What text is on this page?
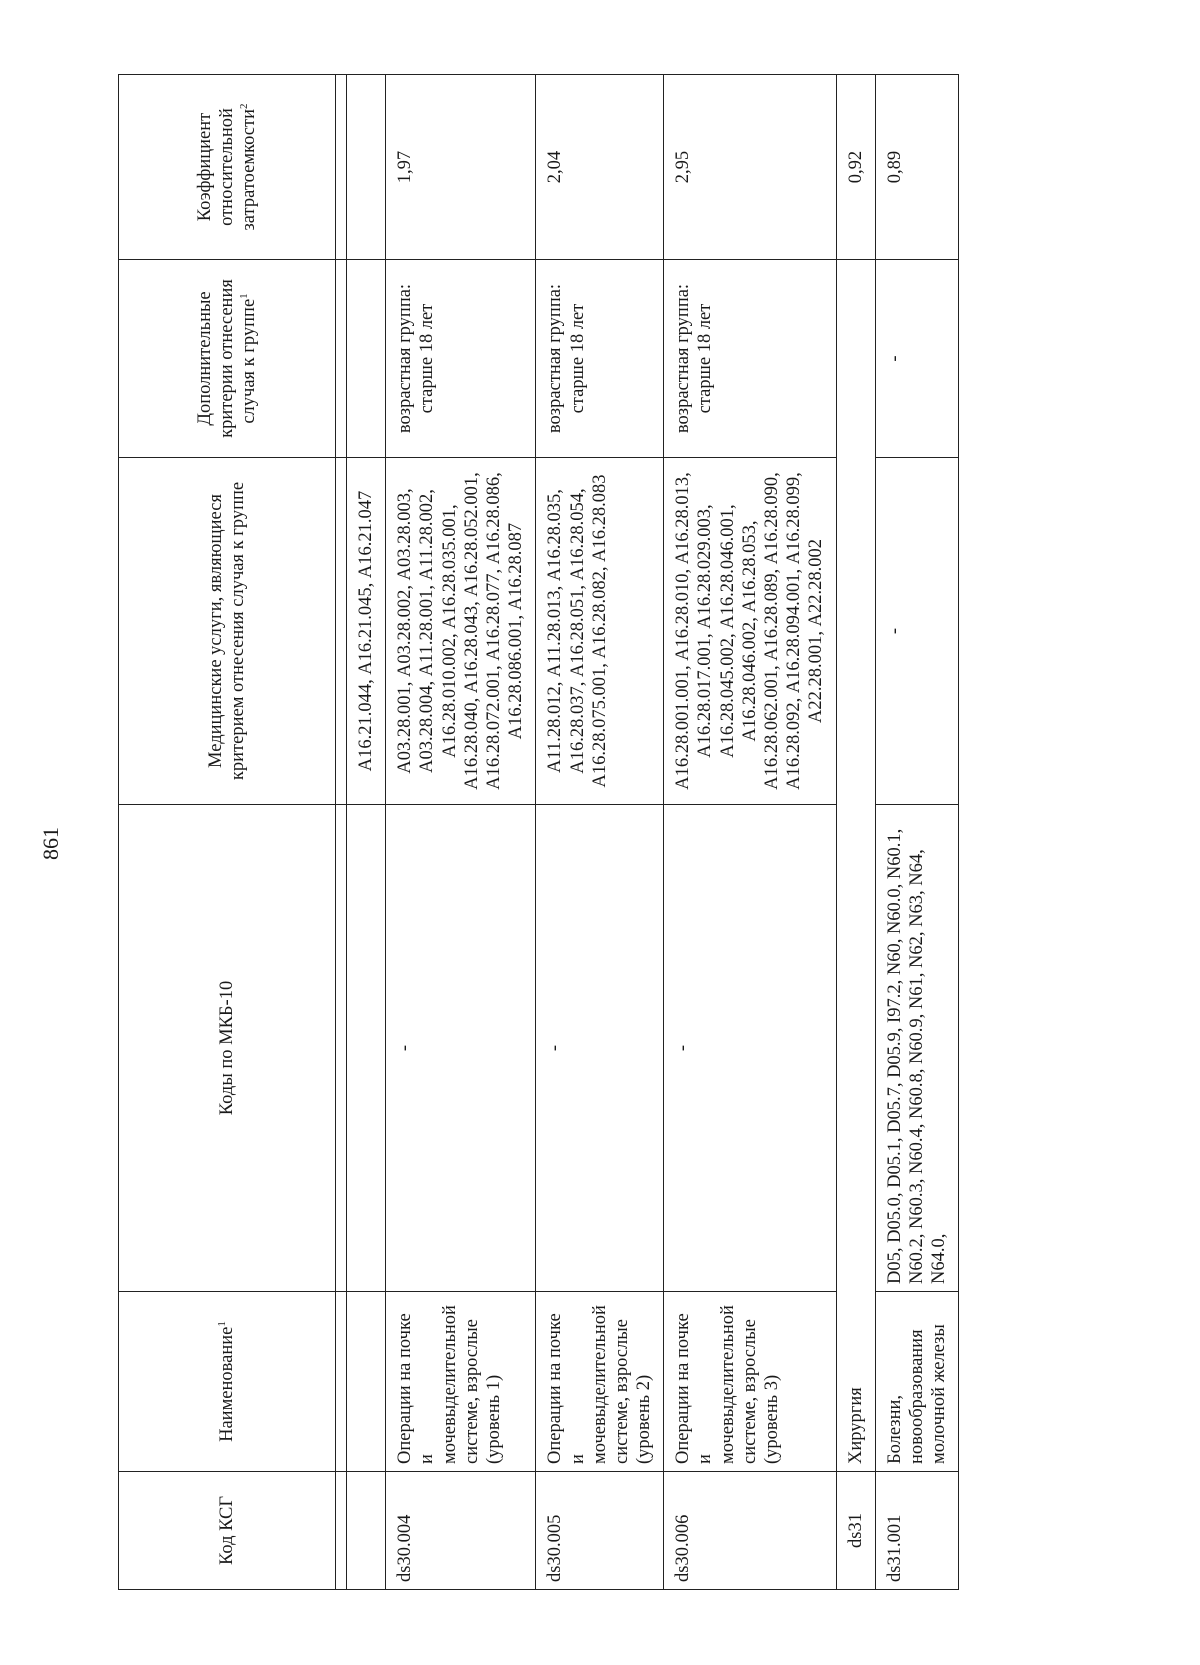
861
Код КСГ	Наименование$^1$	Коды по МКБ-10	Медицинские услуги, являющиеся критерием отнесения случая к группе	Дополнительные критерии отнесения случая к группе$^1$	Коэффициент относительной затратоемкости$^2$

			А16.21.044, А16.21.045, А16.21.047		
ds30.004	Операции на почке и мочевыделительной системе, взрослые (уровень 1)	-	А03.28.001, А03.28.002, А03.28.003, А03.28.004, А11.28.001, А11.28.002, А16.28.010.002, А16.28.035.001, А16.28.040, А16.28.043, А16.28.052.001, А16.28.072.001, А16.28.077, А16.28.086, А16.28.086.001, А16.28.087	возрастная группа: старше 18 лет	1,97
ds30.005	Операции на почке и мочевыделительной системе, взрослые (уровень 2)	-	А11.28.012, А11.28.013, А16.28.035, А16.28.037, А16.28.051, А16.28.054, А16.28.075.001, А16.28.082, А16.28.083	возрастная группа: старше 18 лет	2,04
ds30.006	Операции на почке и мочевыделительной системе, взрослые (уровень 3)	-	А16.28.001.001, А16.28.010, А16.28.013, А16.28.017.001, А16.28.029.003, А16.28.045.002, А16.28.046.001, А16.28.046.002, А16.28.053, А16.28.062.001, А16.28.089, А16.28.090, А16.28.092, А16.28.094.001, А16.28.099, А22.28.001, А22.28.002	возрастная группа: старше 18 лет	2,95
ds31	Хирургия				0,92
ds31.001	Болезни, новообразования молочной железы	D05, D05.0, D05.1, D05.7, D05.9, I97.2, N60, N60.0, N60.1, N60.2, N60.3, N60.4, N60.8, N60.9, N61, N62, N63, N64, N64.0,	-	-	0,89
